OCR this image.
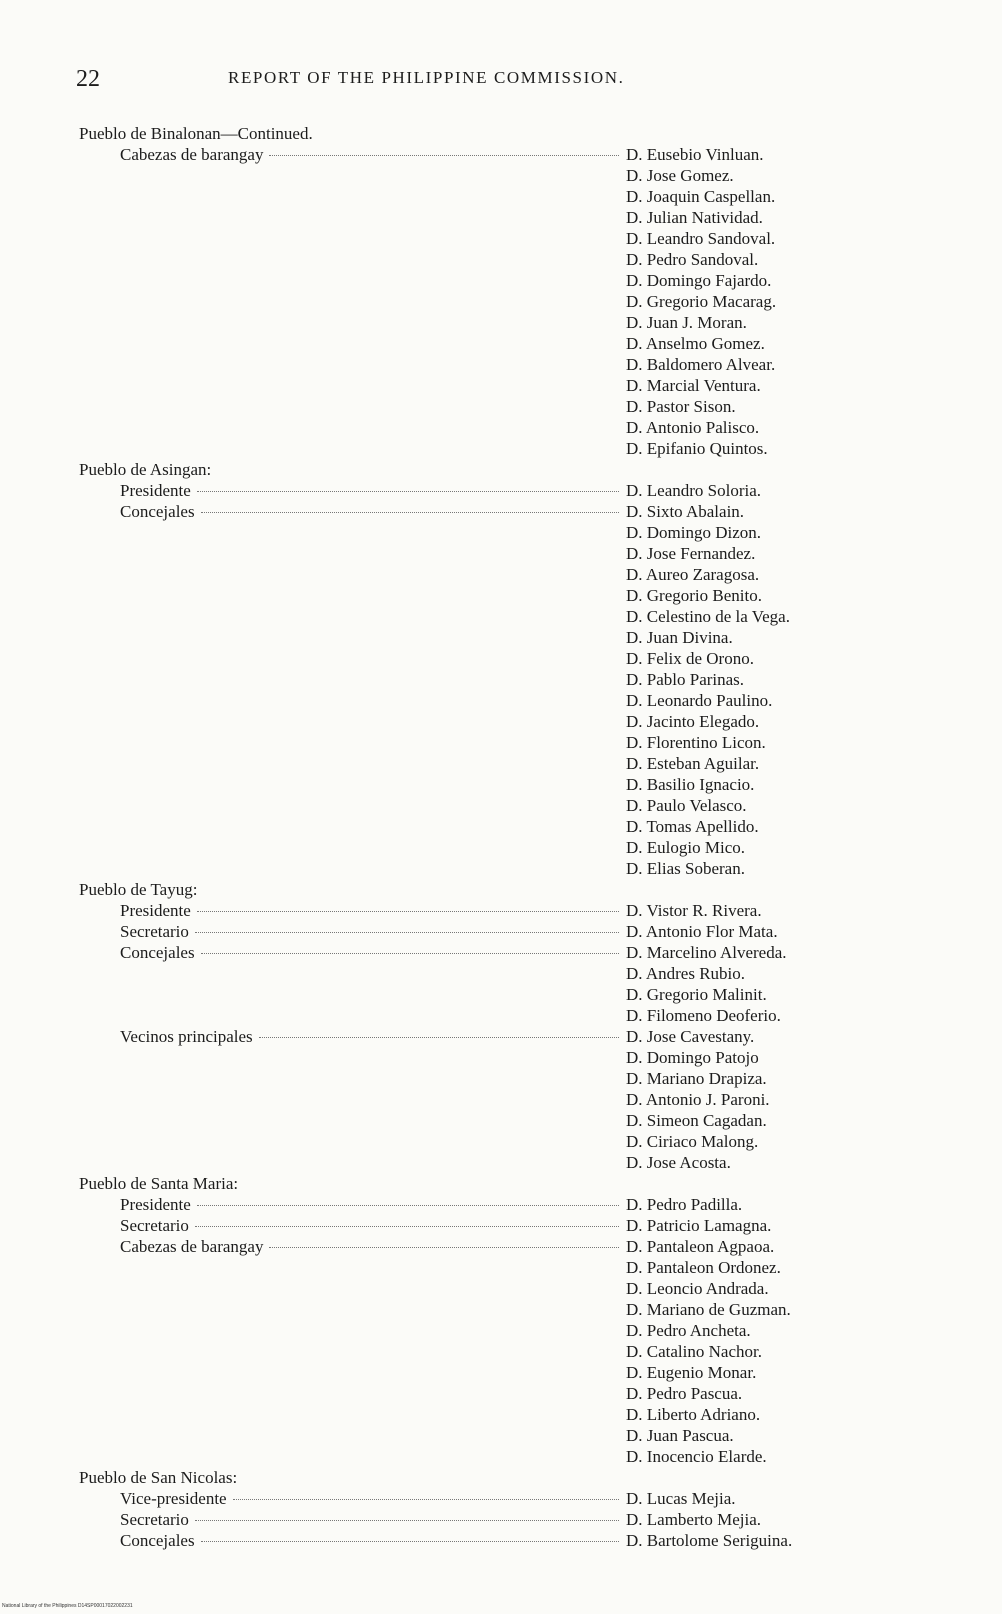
22	REPORT OF THE PHILIPPINE COMMISSION.
Pueblo de Binalonan—Continued.
Cabezas de barangay	D. Eusebio Vinluan.
D. Jose Gomez.
D. Joaquin Caspellan.
D. Julian Natividad.
D. Leandro Sandoval.
D. Pedro Sandoval.
D. Domingo Fajardo.
D. Gregorio Macarag.
D. Juan J. Moran.
D. Anselmo Gomez.
D. Baldomero Alvear.
D. Marcial Ventura.
D. Pastor Sison.
D. Antonio Palisco.
D. Epifanio Quintos.
Pueblo de Asingan:
Presidente	D. Leandro Soloria.
Concejales	D. Sixto Abalain.
D. Domingo Dizon.
D. Jose Fernandez.
D. Aureo Zaragosa.
D. Gregorio Benito.
D. Celestino de la Vega.
D. Juan Divina.
D. Felix de Orono.
D. Pablo Parinas.
D. Leonardo Paulino.
D. Jacinto Elegado.
D. Florentino Licon.
D. Esteban Aguilar.
D. Basilio Ignacio.
D. Paulo Velasco.
D. Tomas Apellido.
D. Eulogio Mico.
D. Elias Soberan.
Pueblo de Tayug:
Presidente	D. Vistor R. Rivera.
Secretario	D. Antonio Flor Mata.
Concejales	D. Marcelino Alvereda.
D. Andres Rubio.
D. Gregorio Malinit.
D. Filomeno Deoferio.
Vecinos principales	D. Jose Cavestany.
D. Domingo Patojo
D. Mariano Drapiza.
D. Antonio J. Paroni.
D. Simeon Cagadan.
D. Ciriaco Malong.
D. Jose Acosta.
Pueblo de Santa Maria:
Presidente	D. Pedro Padilla.
Secretario	D. Patricio Lamagna.
Cabezas de barangay	D. Pantaleon Agpaoa.
D. Pantaleon Ordonez.
D. Leoncio Andrada.
D. Mariano de Guzman.
D. Pedro Ancheta.
D. Catalino Nachor.
D. Eugenio Monar.
D. Pedro Pascua.
D. Liberto Adriano.
D. Juan Pascua.
D. Inocencio Elarde.
Pueblo de San Nicolas:
Vice-presidente	D. Lucas Mejia.
Secretario	D. Lamberto Mejia.
Concejales	D. Bartolome Seriguina.
National Library of the Philippines D14SP00017022002231
